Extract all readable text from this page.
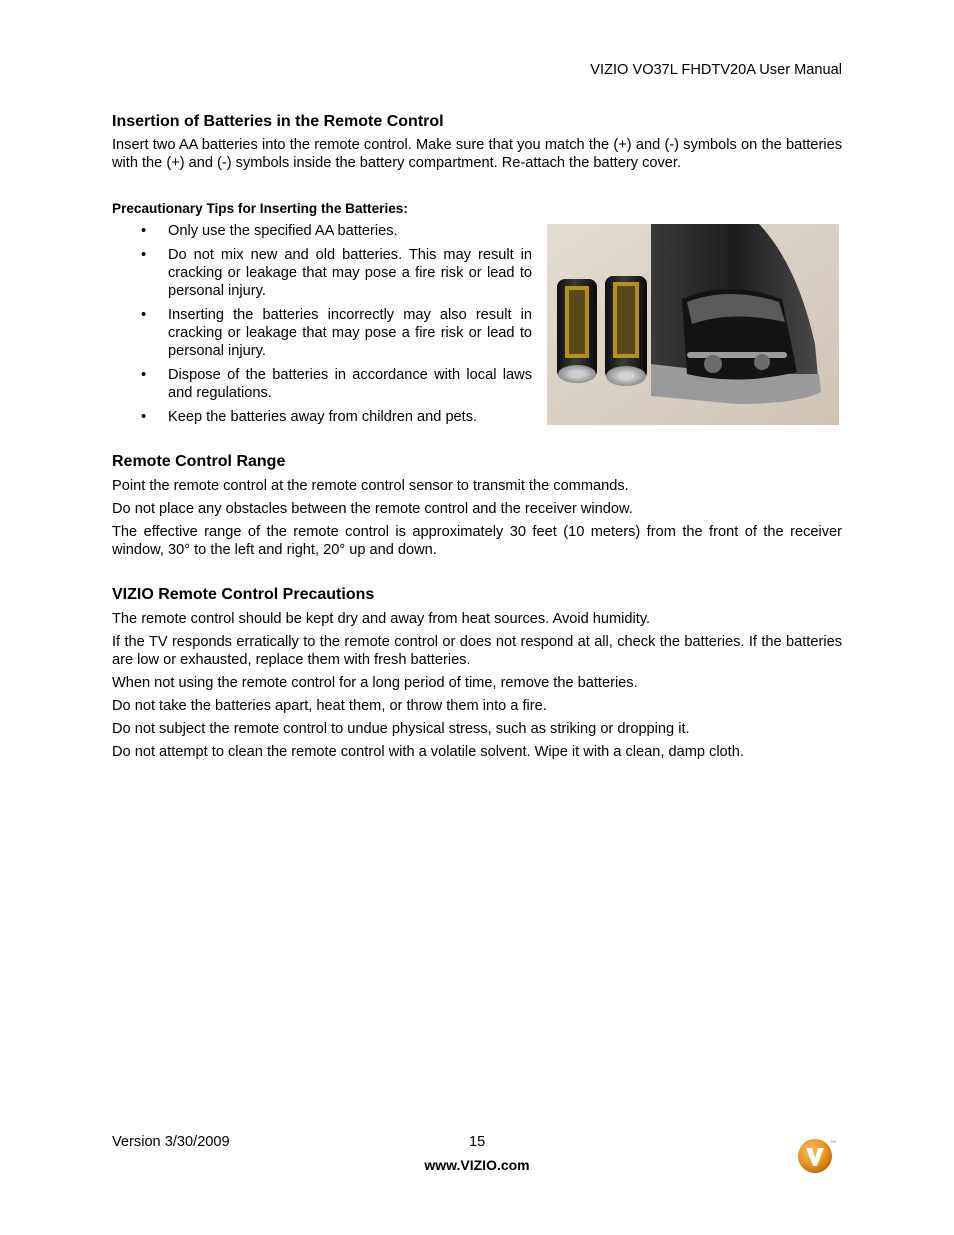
VIZIO VO37L FHDTV20A User Manual
Insertion of Batteries in the Remote Control
Insert two AA batteries into the remote control. Make sure that you match the (+) and (-) symbols on the batteries with the (+) and (-) symbols inside the battery compartment. Re-attach the battery cover.
Precautionary Tips for Inserting the Batteries:
• Only use the specified AA batteries.
• Do not mix new and old batteries. This may result in cracking or leakage that may pose a fire risk or lead to personal injury.
• Inserting the batteries incorrectly may also result in cracking or leakage that may pose a fire risk or lead to personal injury.
• Dispose of the batteries in accordance with local laws and regulations.
• Keep the batteries away from children and pets.
Remote Control Range

Point the remote control at the remote control sensor to transmit the commands.

Do not place any obstacles between the remote control and the receiver window.

The effective range of the remote control is approximately 30 feet (10 meters) from the front of the receiver window, 30° to the left and right, 20° up and down.

VIZIO Remote Control Precautions

The remote control should be kept dry and away from heat sources. Avoid humidity.

If the TV responds erratically to the remote control or does not respond at all, check the batteries. If the batteries are low or exhausted, replace them with fresh batteries.

When not using the remote control for a long period of time, remove the batteries.

Do not take the batteries apart, heat them, or throw them into a fire.

Do not subject the remote control to undue physical stress, such as striking or dropping it.

Do not attempt to clean the remote control with a volatile solvent. Wipe it with a clean, damp cloth.

Version 3/30/2009	15
www.VIZIO.com
TM
